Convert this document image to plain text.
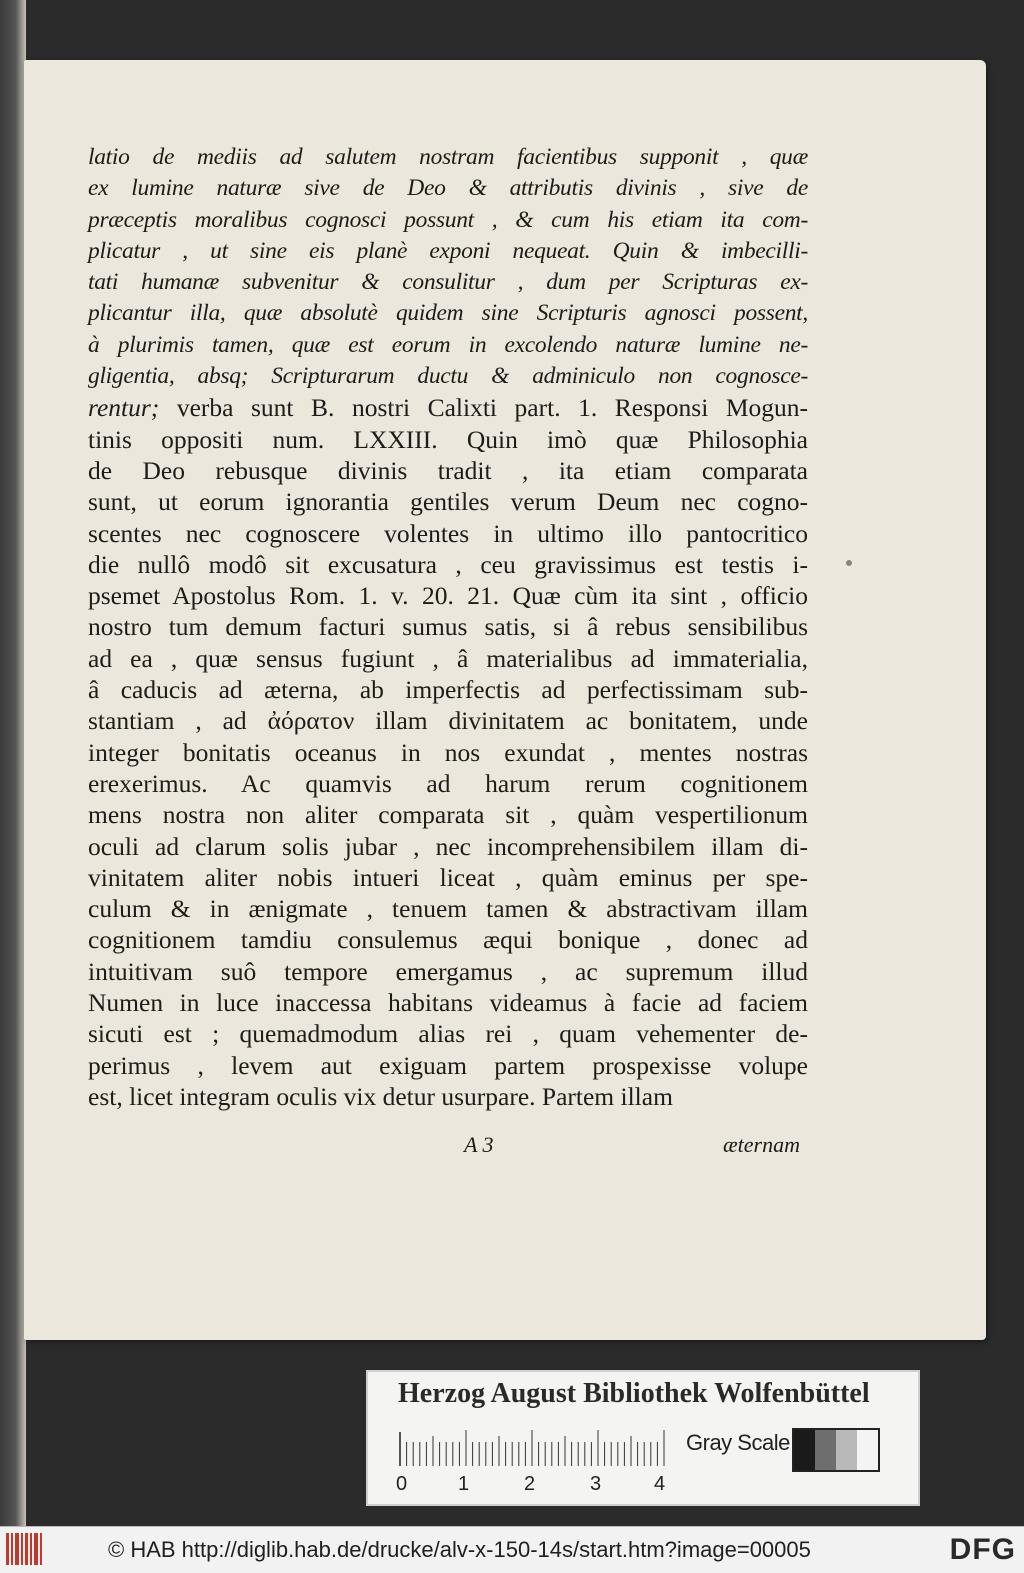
latio de mediis ad salutem nostram facientibus supponit , quæ
ex lumine naturæ sive de Deo & attributis divinis , sive de
præceptis moralibus cognosci possunt , & cum his etiam ita com-
plicatur , ut sine eis planè exponi nequeat. Quin & imbecilli-
tati humanæ subvenitur & consulitur , dum per Scripturas ex-
plicantur illa, quæ absolutè quidem sine Scripturis agnosci possent,
à plurimis tamen, quæ est eorum in excolendo naturæ lumine ne-
gligentia, absq; Scripturarum ductu & adminiculo non cognosce-
rentur; verba sunt B. nostri Calixti part. 1. Responsi Mogun-
tinis oppositi num. LXXIII. Quin imò quæ Philosophia
de Deo rebusque divinis tradit , ita etiam comparata
sunt, ut eorum ignorantia gentiles verum Deum nec cogno-
scentes nec cognoscere volentes in ultimo illo pantocritico
die nullô modô sit excusatura , ceu gravissimus est testis i-
psemet Apostolus Rom. 1. v. 20. 21. Quæ cùm ita sint , officio
nostro tum demum facturi sumus satis, si â rebus sensibilibus
ad ea , quæ sensus fugiunt , â materialibus ad immaterialia,
â caducis ad æterna, ab imperfectis ad perfectissimam sub-
stantiam , ad ἀόρατον illam divinitatem ac bonitatem, unde
integer bonitatis oceanus in nos exundat , mentes nostras
erexerimus. Ac quamvis ad harum rerum cognitionem
mens nostra non aliter comparata sit , quàm vespertilionum
oculi ad clarum solis jubar , nec incomprehensibilem illam di-
vinitatem aliter nobis intueri liceat , quàm eminus per spe-
culum & in ænigmate , tenuem tamen & abstractivam illam
cognitionem tamdiu consulemus æqui bonique , donec ad
intuitivam suô tempore emergamus , ac supremum illud
Numen in luce inaccessa habitans videamus à facie ad faciem
sicuti est ; quemadmodum alias rei , quam vehementer de-
perimus , levem aut exiguam partem prospexisse volupe
est, licet integram oculis vix detur usurpare. Partem illam
A 3	æternam
Herzog August Bibliothek Wolfenbüttel
0	1	2	3	4
Gray Scale
© HAB http://diglib.hab.de/drucke/alv-x-150-14s/start.htm?image=00005	DFG
